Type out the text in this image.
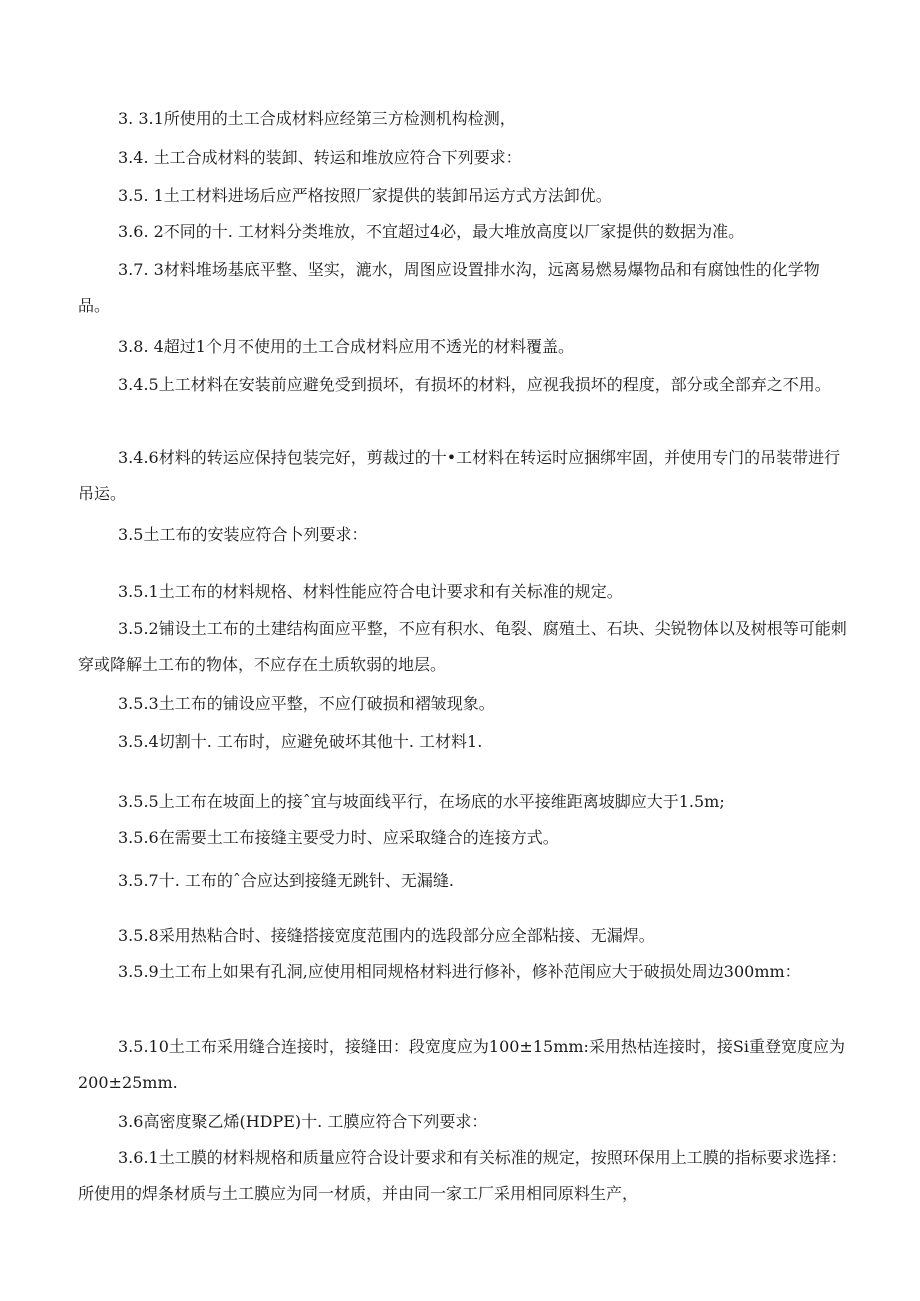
3. 3.1所使用的土工合成材料应经第三方检测机构检测，
3.4. 土工合成材料的装卸、转运和堆放应符合下列要求：
3.5. 1土工材料进场后应严格按照厂家提供的装卸吊运方式方法卸优。
3.6. 2不同的十. 工材料分类堆放，不宜超过4必，最大堆放高度以厂家提供的数据为准。
3.7. 3材料堆场基底平整、坚实，漉水，周图应设置排水沟，远离易燃易爆物品和有腐蚀性的化学物品。
3.8. 4超过1个月不使用的土工合成材料应用不透光的材料覆盖。
3.4.5上工材料在安装前应避免受到损坏，有损坏的材料，应视我损坏的程度，部分或全部弃之不用。
3.4.6材料的转运应保持包装完好，剪裁过的十•工材料在转运时应捆绑牢固，并使用专门的吊装带进行吊运。
3.5土工布的安装应符合卜列要求：
3.5.1土工布的材料规格、材料性能应符合电计要求和有关标准的规定。
3.5.2铺设土工布的土建结构面应平整，不应有积水、龟裂、腐殖土、石块、尖锐物体以及树根等可能刺穿或降解土工布的物体，不应存在土质软弱的地层。
3.5.3土工布的铺设应平整，不应仃破损和褶皱现象。
3.5.4切割十. 工布时，应避免破坏其他十. 工材料1.
3.5.5上工布在坡面上的接ˆ宜与坡面线平行，在场底的水平接维距离坡脚应大于1.5m;
3.5.6在需要土工布接缝主要受力时、应采取缝合的连接方式。
3.5.7十. 工布的ˆ合应达到接缝无跳针、无漏缝.
3.5.8采用热粘合时、接缝搭接宽度范围内的选段部分应全部粘接、无漏焊。
3.5.9土工布上如果有孔洞,应使用相同规格材料进行修补，修补范闱应大于破损处周边300mm：
3.5.10土工布采用缝合连接时，接缝田：段宽度应为100±15mm:采用热枯连接时，接Si重登宽度应为200±25mm.
3.6高密度聚乙烯(HDPE)十. 工膜应符合下列要求：
3.6.1土工膜的材料规格和质量应符合设计要求和有关标准的规定，按照环保用上工膜的指标要求选择：所使用的焊条材质与土工膜应为同一材质，并由同一家工厂采用相同原料生产，
